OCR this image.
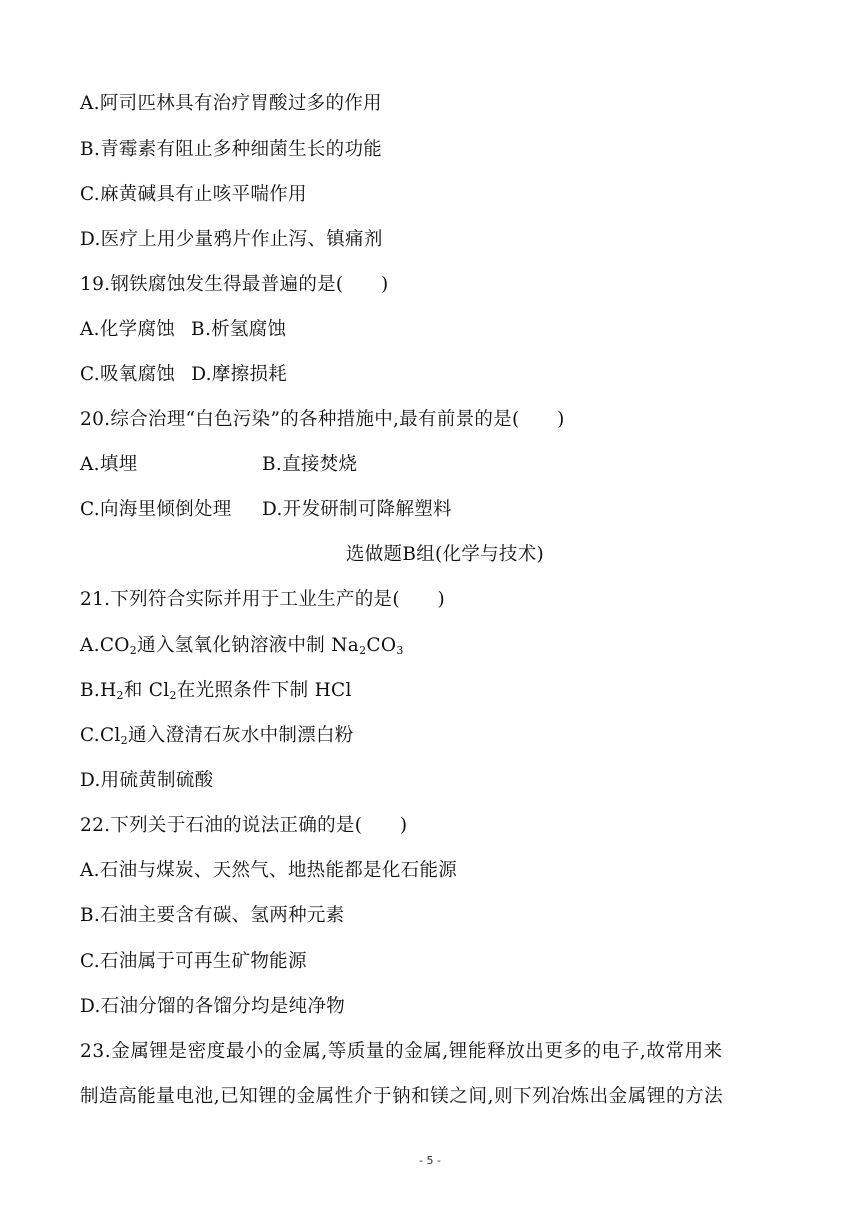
A.阿司匹林具有治疗胃酸过多的作用
B.青霉素有阻止多种细菌生长的功能
C.麻黄碱具有止咳平喘作用
D.医疗上用少量鸦片作止泻、镇痛剂
19.钢铁腐蚀发生得最普遍的是(　　)
A.化学腐蚀 B.析氢腐蚀
C.吸氧腐蚀 D.摩擦损耗
20.综合治理“白色污染”的各种措施中,最有前景的是(　　)
A.填埋	B.直接焚烧
C.向海里倾倒处理 D.开发研制可降解塑料
选做题B组(化学与技术)
21.下列符合实际并用于工业生产的是(　　)
$A.CO_2$通入氢氧化钠溶液中制 $Na_2CO_3$
$B.H_2$和 $Cl_2$在光照条件下制 HCl
$C.Cl_2$通入澄清石灰水中制漂白粉
D.用硫黄制硫酸
22.下列关于石油的说法正确的是(　　)
A.石油与煤炭、天然气、地热能都是化石能源
B.石油主要含有碳、氢两种元素
C.石油属于可再生矿物能源
D.石油分馏的各馏分均是纯净物
23.金属锂是密度最小的金属,等质量的金属,锂能释放出更多的电子,故常用来
制造高能量电池,已知锂的金属性介于钠和镁之间,则下列冶炼出金属锂的方法
- 5 -
